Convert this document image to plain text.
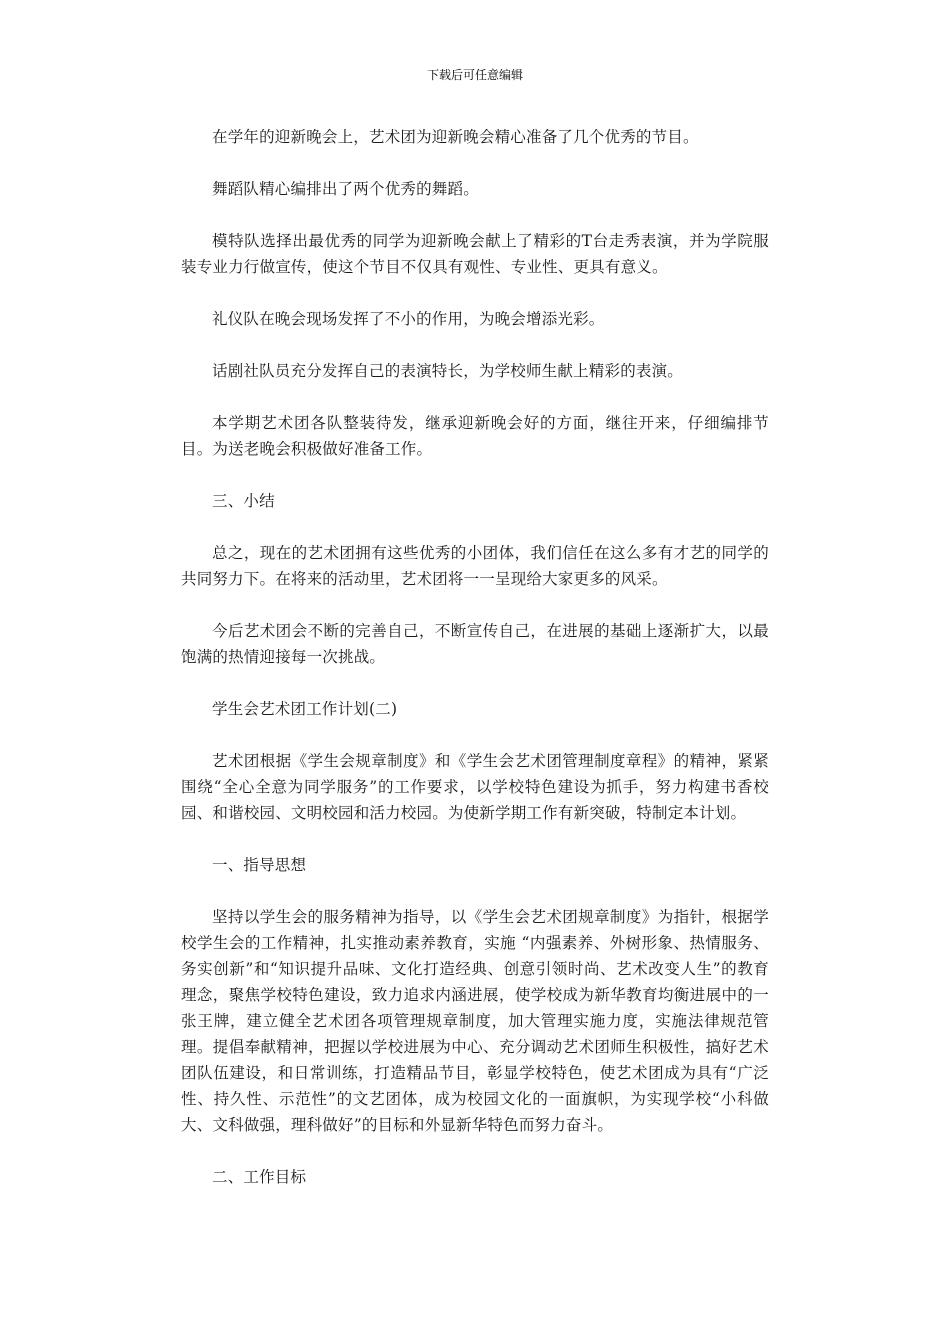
下载后可任意编辑

在学年的迎新晚会上，艺术团为迎新晚会精心准备了几个优秀的节目。

舞蹈队精心编排出了两个优秀的舞蹈。

模特队选择出最优秀的同学为迎新晚会献上了精彩的T台走秀表演，并为学院服装专业力行做宣传，使这个节目不仅具有观性、专业性、更具有意义。

礼仪队在晚会现场发挥了不小的作用，为晚会增添光彩。

话剧社队员充分发挥自己的表演特长，为学校师生献上精彩的表演。

本学期艺术团各队整装待发，继承迎新晚会好的方面，继往开来，仔细编排节目。为送老晚会积极做好准备工作。

三、小结

总之，现在的艺术团拥有这些优秀的小团体，我们信任在这么多有才艺的同学的共同努力下。在将来的活动里，艺术团将一一呈现给大家更多的风采。

今后艺术团会不断的完善自己，不断宣传自己，在进展的基础上逐渐扩大，以最饱满的热情迎接每一次挑战。

学生会艺术团工作计划(二)

艺术团根据《学生会规章制度》和《学生会艺术团管理制度章程》的精神，紧紧围绕“全心全意为同学服务”的工作要求，以学校特色建设为抓手，努力构建书香校园、和谐校园、文明校园和活力校园。为使新学期工作有新突破，特制定本计划。

一、指导思想

坚持以学生会的服务精神为指导，以《学生会艺术团规章制度》为指针，根据学校学生会的工作精神，扎实推动素养教育，实施 “内强素养、外树形象、热情服务、务实创新”和“知识提升品味、文化打造经典、创意引领时尚、艺术改变人生”的教育理念，聚焦学校特色建设，致力追求内涵进展，使学校成为新华教育均衡进展中的一张王牌，建立健全艺术团各项管理规章制度，加大管理实施力度，实施法律规范管理。提倡奉献精神，把握以学校进展为中心、充分调动艺术团师生积极性，搞好艺术团队伍建设，和日常训练，打造精品节目，彰显学校特色，使艺术团成为具有“广泛性、持久性、示范性”的文艺团体，成为校园文化的一面旗帜，为实现学校“小科做大、文科做强，理科做好”的目标和外显新华特色而努力奋斗。

二、工作目标
